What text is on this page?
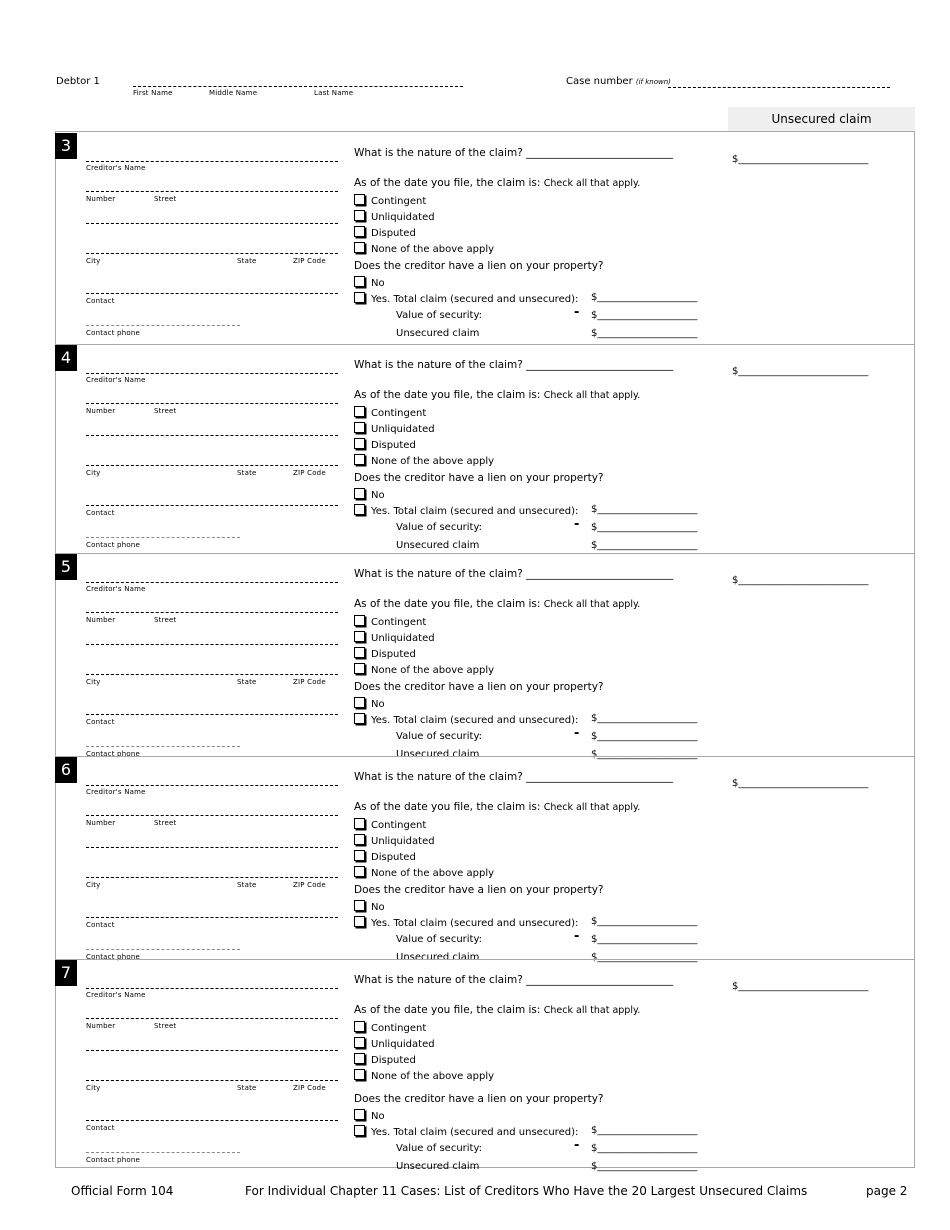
Debtor 1
First Name	Middle Name	Last Name
Case number (if known)
Unsecured claim
3
Creditor's Name
Number	Street
City	State	ZIP Code
Contact
Contact phone
What is the nature of the claim? ____________________________
As of the date you file, the claim is: Check all that apply.
Contingent
Unliquidated
Disputed
None of the above apply
Does the creditor have a lien on your property?
No
Yes. Total claim (secured and unsecured): $____________________
Value of security:	- $____________________
Unsecured claim	$____________________
$__________________________
4
Creditor's Name
Number	Street
City	State	ZIP Code
Contact
Contact phone
What is the nature of the claim? ____________________________
As of the date you file, the claim is: Check all that apply.
Contingent
Unliquidated
Disputed
None of the above apply
Does the creditor have a lien on your property?
No
Yes. Total claim (secured and unsecured): $____________________
Value of security:	- $____________________
Unsecured claim	$____________________
$__________________________
5
Creditor's Name
Number	Street
City	State	ZIP Code
Contact
Contact phone
What is the nature of the claim? ____________________________
As of the date you file, the claim is: Check all that apply.
Contingent
Unliquidated
Disputed
None of the above apply
Does the creditor have a lien on your property?
No
Yes. Total claim (secured and unsecured): $____________________
Value of security:	- $____________________
Unsecured claim	$____________________
$__________________________
6
Creditor's Name
Number	Street
City	State	ZIP Code
Contact
Contact phone
What is the nature of the claim? ____________________________
As of the date you file, the claim is: Check all that apply.
Contingent
Unliquidated
Disputed
None of the above apply
Does the creditor have a lien on your property?
No
Yes. Total claim (secured and unsecured): $____________________
Value of security:	- $____________________
Unsecured claim	$____________________
$__________________________
7
Creditor's Name
Number	Street
City	State	ZIP Code
Contact
Contact phone
What is the nature of the claim? ____________________________
As of the date you file, the claim is: Check all that apply.
Contingent
Unliquidated
Disputed
None of the above apply
Does the creditor have a lien on your property?
No
Yes. Total claim (secured and unsecured): $____________________
Value of security:	- $____________________
Unsecured claim	$____________________
$__________________________
Official Form 104	For Individual Chapter 11 Cases: List of Creditors Who Have the 20 Largest Unsecured Claims	page 2
